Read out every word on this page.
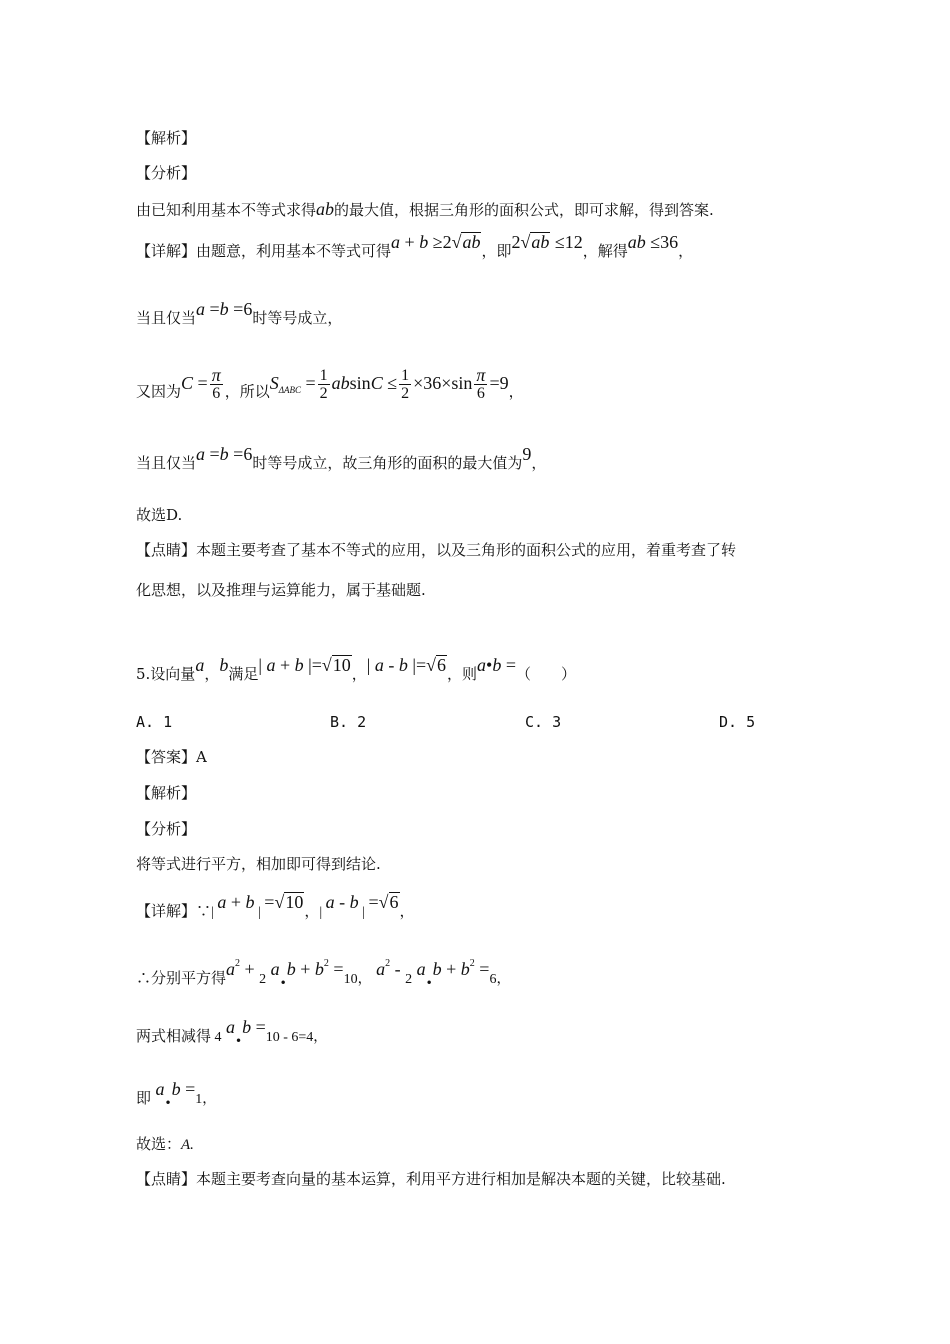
【解析】
【分析】
由已知利用基本不等式求得ab的最大值，根据三角形的面积公式，即可求解，得到答案.
【详解】由题意，利用基本不等式可得a + b ≥2√ab，即2√ab ≤12，解得ab ≤36，
当且仅当a =b =6时等号成立，
又因为$C = \frac{\pi}{6}$ ，所以$S_{\Delta ABC} = \frac{1}{2}$ $absinC \le \frac{1}{2} \times 36\times\sin \frac{\pi}{6} =9$，
当且仅当a =b =6时等号成立，故三角形的面积的最大值为9，
故选D.
【点睛】本题主要考查了基本不等式的应用，以及三角形的面积公式的应用，着重考查了转
化思想，以及推理与运算能力，属于基础题.
5.设向量a，b满足| a + b |=√10，| a - b |=√6，则a•b =（　　）
A. 1	B. 2	C. 3	D. 5
【答案】A
【解析】
【分析】
将等式进行平方，相加即可得到结论.
【详解】∵| a + b | =√10，| a - b | =√6，
∴分别平方得$a^2 + 2$ $a_•b + b^2 =10$， $a^2 - 2$ $a_•b + b^2 =6$，
两式相减得 4 $a_•b =10 - 6=4$，
即 $a_•b =1$，
故选：A.
【点睛】本题主要考查向量的基本运算，利用平方进行相加是解决本题的关键，比较基础.
